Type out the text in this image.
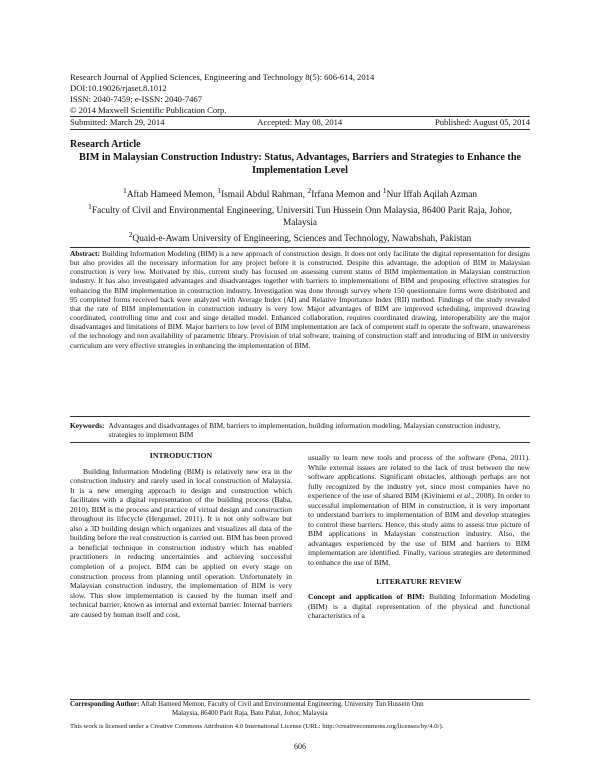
Research Journal of Applied Sciences, Engineering and Technology 8(5): 606-614, 2014
DOI:10.19026/rjaset.8.1012
ISSN: 2040-7459; e-ISSN: 2040-7467
© 2014 Maxwell Scientific Publication Corp.
Submitted: March 29, 2014	Accepted: May 08, 2014	Published: August 05, 2014
Research Article
BIM in Malaysian Construction Industry: Status, Advantages, Barriers and Strategies to Enhance the Implementation Level
$^1$Aftab Hameed Memon, $^1$Ismail Abdul Rahman, $^2$Irfana Memon and $^1$Nur Iffah Aqilah Azman
$^1$Faculty of Civil and Environmental Engineering, Universiti Tun Hussein Onn Malaysia, 86400 Parit Raja, Johor, Malaysia
$^2$Quaid-e-Awam University of Engineering, Sciences and Technology, Nawabshah, Pakistan
Abstract: Building Information Modeling (BIM) is a new approach of construction design. It does not only facilitate the digital representation for designs but also provides all the necessary information for any project before it is constructed. Despite this advantage, the adoption of BIM in Malaysian construction is very low. Motivated by this, current study has focused on assessing current status of BIM implementation in Malaysian construction industry. It has also investigated advantages and disadvantages together with barriers to implementations of BIM and proposing effective strategies for enhancing the BIM implementation in construction industry. Investigation was done through survey where 150 questionnaire forms were distributed and 95 completed forms received back were analyzed with Average Index (AI) and Relative Importance Index (RII) method. Findings of the study revealed that the rate of BIM implementation in construction industry is very low. Major advantages of BIM are improved scheduling, improved drawing coordinated, controlling time and cost and singe detailed model. Enhanced collaboration, requires coordinated drawing, interoperability are the major disadvantages and limitations of BIM. Major barriers to low level of BIM implementation are lack of competent staff to operate the software, unawareness of the technology and non availability of parametric library. Provision of trial software, training of construction staff and introducing of BIM in university curriculum are very effective strategies in enhancing the implementation of BIM.
Keywords: Advantages and disadvantages of BIM, barriers to implementation, building information modeling, Malaysian construction industry, strategies to implement BIM

INTRODUCTION

Building Information Modeling (BIM) is relatively new era in the construction industry and rarely used in local construction of Malaysia. It is a new emerging approach to design and construction which facilitates with a digital representation of the building process (Baba, 2010). BIM is the process and practice of virtual design and construction throughout its lifecycle (Hergunsel, 2011). It is not only software but also a 3D building design which organizes and visualizes all data of the building before the real construction is carried out. BIM has been proved a beneficial technique in construction industry which has enabled practitioners in reducing uncertainties and achieving successful completion of a project. BIM can be applied on every stage on construction process from planning until operation. Unfortunately in Malaysian construction industry, the implementation of BIM is very slow. This slow implementation is caused by the human itself and technical barrier, known as internal and external barrier. Internal barriers are caused by human itself and cost,

usually to learn new tools and process of the software (Pena, 2011). While external issues are related to the lack of trust between the new software applications. Significant obstacles, although perhaps are not fully recognized by the industry yet, since most companies have no experience of the use of shared BIM (Kiviniemi et al., 2008). In order to successful implementation of BIM in construction, it is very important to understand barriers to implementation of BIM and develop strategies to control these barriers. Hence, this study aims to assess true picture of BIM applications in Malaysian construction industry. Also, the advantages experienced by the use of BIM and barriers to BIM implementation are identified. Finally, various strategies are determined to enhance the use of BIM.

LITERATURE REVIEW

Concept and application of BIM: Building Information Modeling (BIM) is a digital representation of the physical and functional characteristics of a

Corresponding Author: Aftab Hameed Memon, Faculty of Civil and Environmental Engineering, University Tun Hussein Onn
Malaysia, 86400 Parit Raja, Batu Pahat, Johor, Malaysia
This work is licensed under a Creative Commons Attribution 4.0 International License (URL: http://creativecommons.org/licenses/by/4.0/).
606
